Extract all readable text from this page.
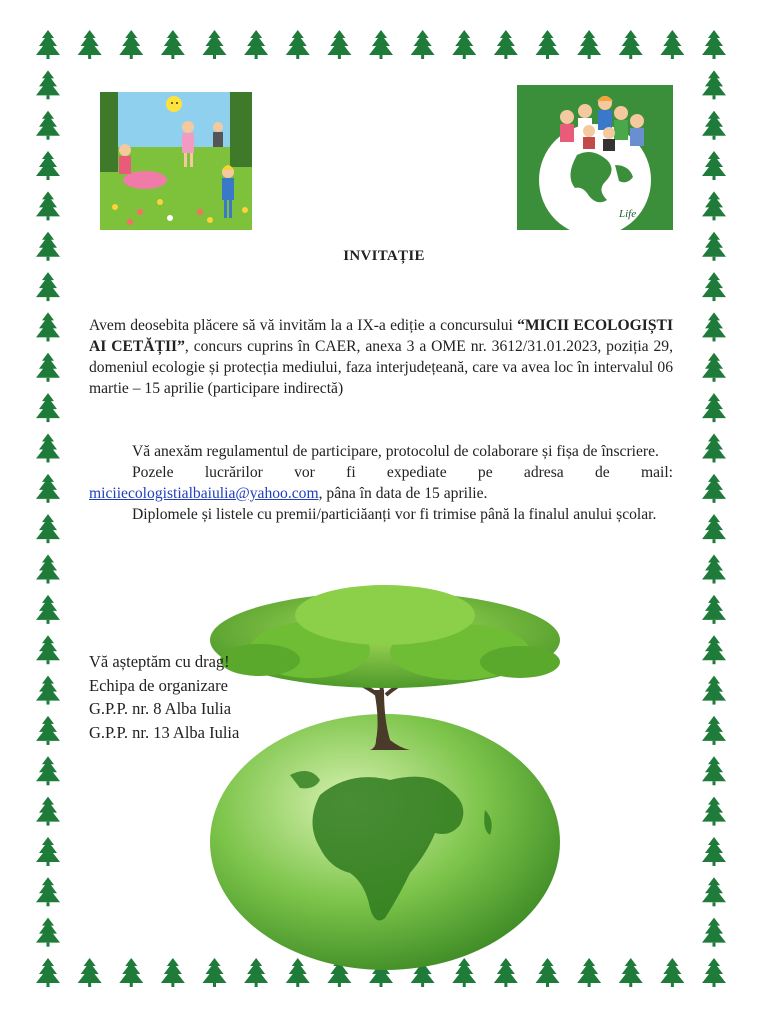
Life
INVITAȚIE
Avem deosebita plăcere să vă invităm la a IX-a ediție a concursului “MICII ECOLOGIȘTI AI CETĂȚII”, concurs cuprins în CAER, anexa 3 a OME nr. 3612/31.01.2023, poziția 29, domeniul ecologie și protecția mediului, faza interjudețeană, care va avea loc în intervalul 06 martie – 15 aprilie (participare indirectă)
Vă anexăm regulamentul de participare, protocolul de colaborare și fișa de înscriere.
Pozele lucrărilor vor fi expediate pe adresa de mail: miciiecologistialbaiulia@yahoo.com, pâna în data de 15 aprilie.
Diplomele și listele cu premii/particiăanți vor fi trimise până la finalul anului școlar.
Vă așteptăm cu drag!
Echipa de organizare
G.P.P. nr. 8 Alba Iulia
G.P.P. nr. 13 Alba Iulia
